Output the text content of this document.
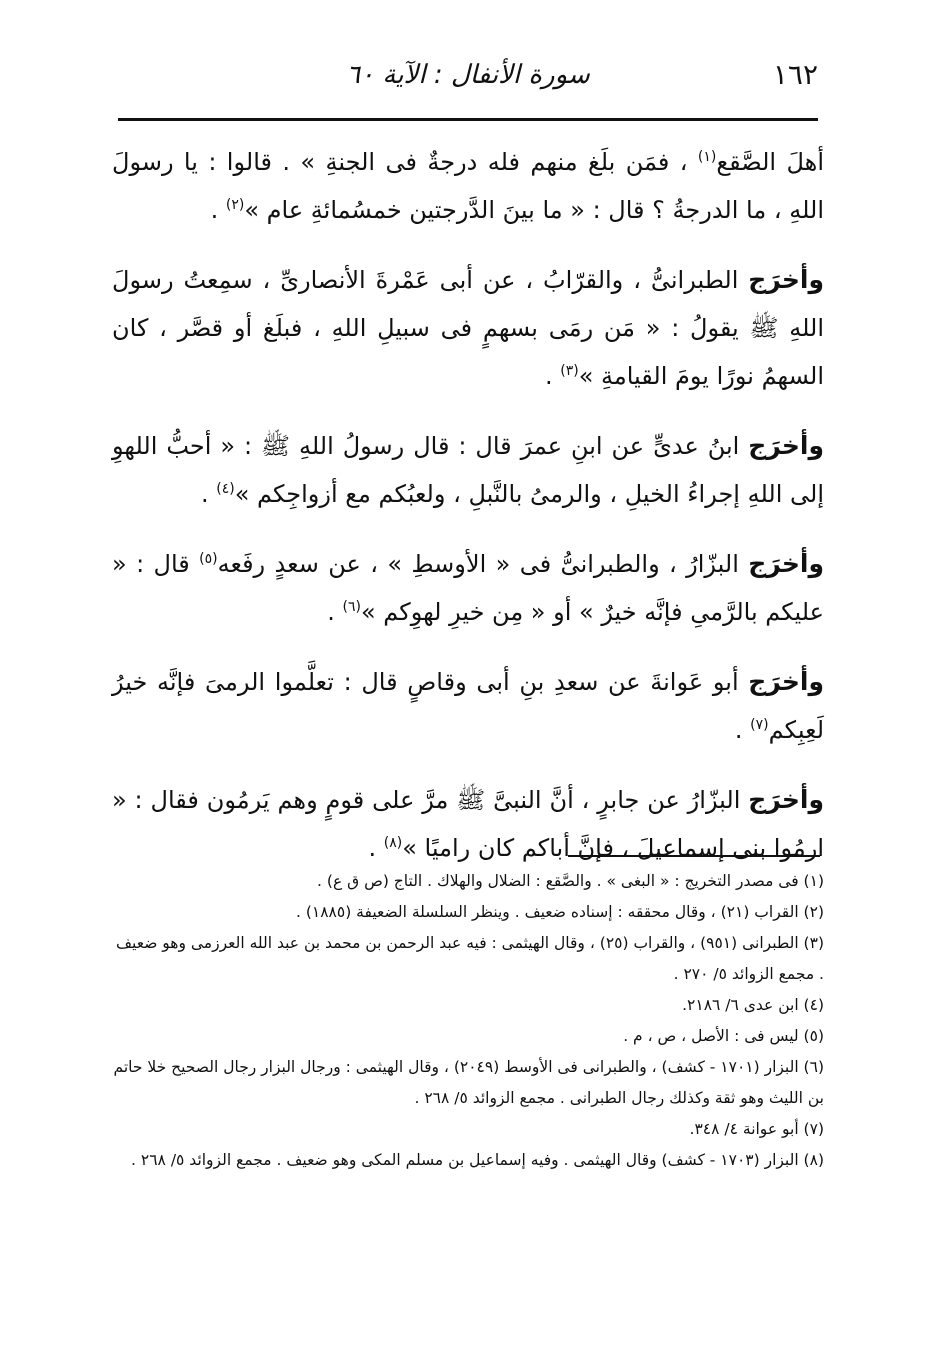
١٦٢
سورة الأنفال : الآية ٦٠

أهلَ الصَّقع$^{(١)}$ ، فمَن بلَغ منهم فله درجةٌ فى الجنةِ » . قالوا : يا رسولَ اللهِ ، ما الدرجةُ ؟ قال : « ما بينَ الدَّرجتين خمسُمائةِ عام »$^{(٢)}$ .

وأخرَج الطبرانىُّ ، والقرّابُ ، عن أبى عَمْرةَ الأنصارىِّ ، سمِعتُ رسولَ اللهِ ﷺ يقولُ : « مَن رمَى بسهمٍ فى سبيلِ اللهِ ، فبلَغ أو قصَّر ، كان السهمُ نورًا يومَ القيامةِ »$^{(٣)}$ .

وأخرَج ابنُ عدىٍّ عن ابنِ عمرَ قال : قال رسولُ اللهِ ﷺ : « أحبُّ اللهوِ إلى اللهِ إجراءُ الخيلِ ، والرمىُ بالنَّبلِ ، ولعبُكم مع أزواجِكم »$^{(٤)}$ .

وأخرَج البزّارُ ، والطبرانىُّ فى « الأوسطِ » ، عن سعدٍ رفَعه$^{(٥)}$ قال : « عليكم بالرَّمىِ فإنَّه خيرٌ » أو « مِن خيرِ لهوِكم »$^{(٦)}$ .

وأخرَج أبو عَوانةَ عن سعدِ بنِ أبى وقاصٍ قال : تعلَّموا الرمىَ فإنَّه خيرُ لَعِبِكم$^{(٧)}$ .

وأخرَج البزّارُ عن جابرٍ ، أنَّ النبىَّ ﷺ مرَّ على قومٍ وهم يَرمُون فقال : « ارمُوا بنى إسماعيلَ ، فإنَّ أباكم كان راميًا »$^{(٨)}$ .

(١) فى مصدر التخريج : « البغى » . والصَّقع : الضلال والهلاك . التاج (ص ق ع) .

(٢) القراب (٢١) ، وقال محققه : إسناده ضعيف . وينظر السلسلة الضعيفة (١٨٨٥) .

(٣) الطبرانى (٩٥١) ، والقراب (٢٥) ، وقال الهيثمى : فيه عبد الرحمن بن محمد بن عبد الله العرزمى وهو ضعيف . مجمع الزوائد ٥/ ٢٧٠ .

(٤) ابن عدى ٦/ ٢١٨٦.

(٥) ليس فى : الأصل ، ص ، م .

(٦) البزار (١٧٠١ - كشف) ، والطبرانى فى الأوسط (٢٠٤٩) ، وقال الهيثمى : ورجال البزار رجال الصحيح خلا حاتم بن الليث وهو ثقة وكذلك رجال الطبرانى . مجمع الزوائد ٥/ ٢٦٨ .

(٧) أبو عوانة ٤/ ٣٤٨.

(٨) البزار (١٧٠٣ - كشف) وقال الهيثمى . وفيه إسماعيل بن مسلم المكى وهو ضعيف . مجمع الزوائد ٥/ ٢٦٨ .
